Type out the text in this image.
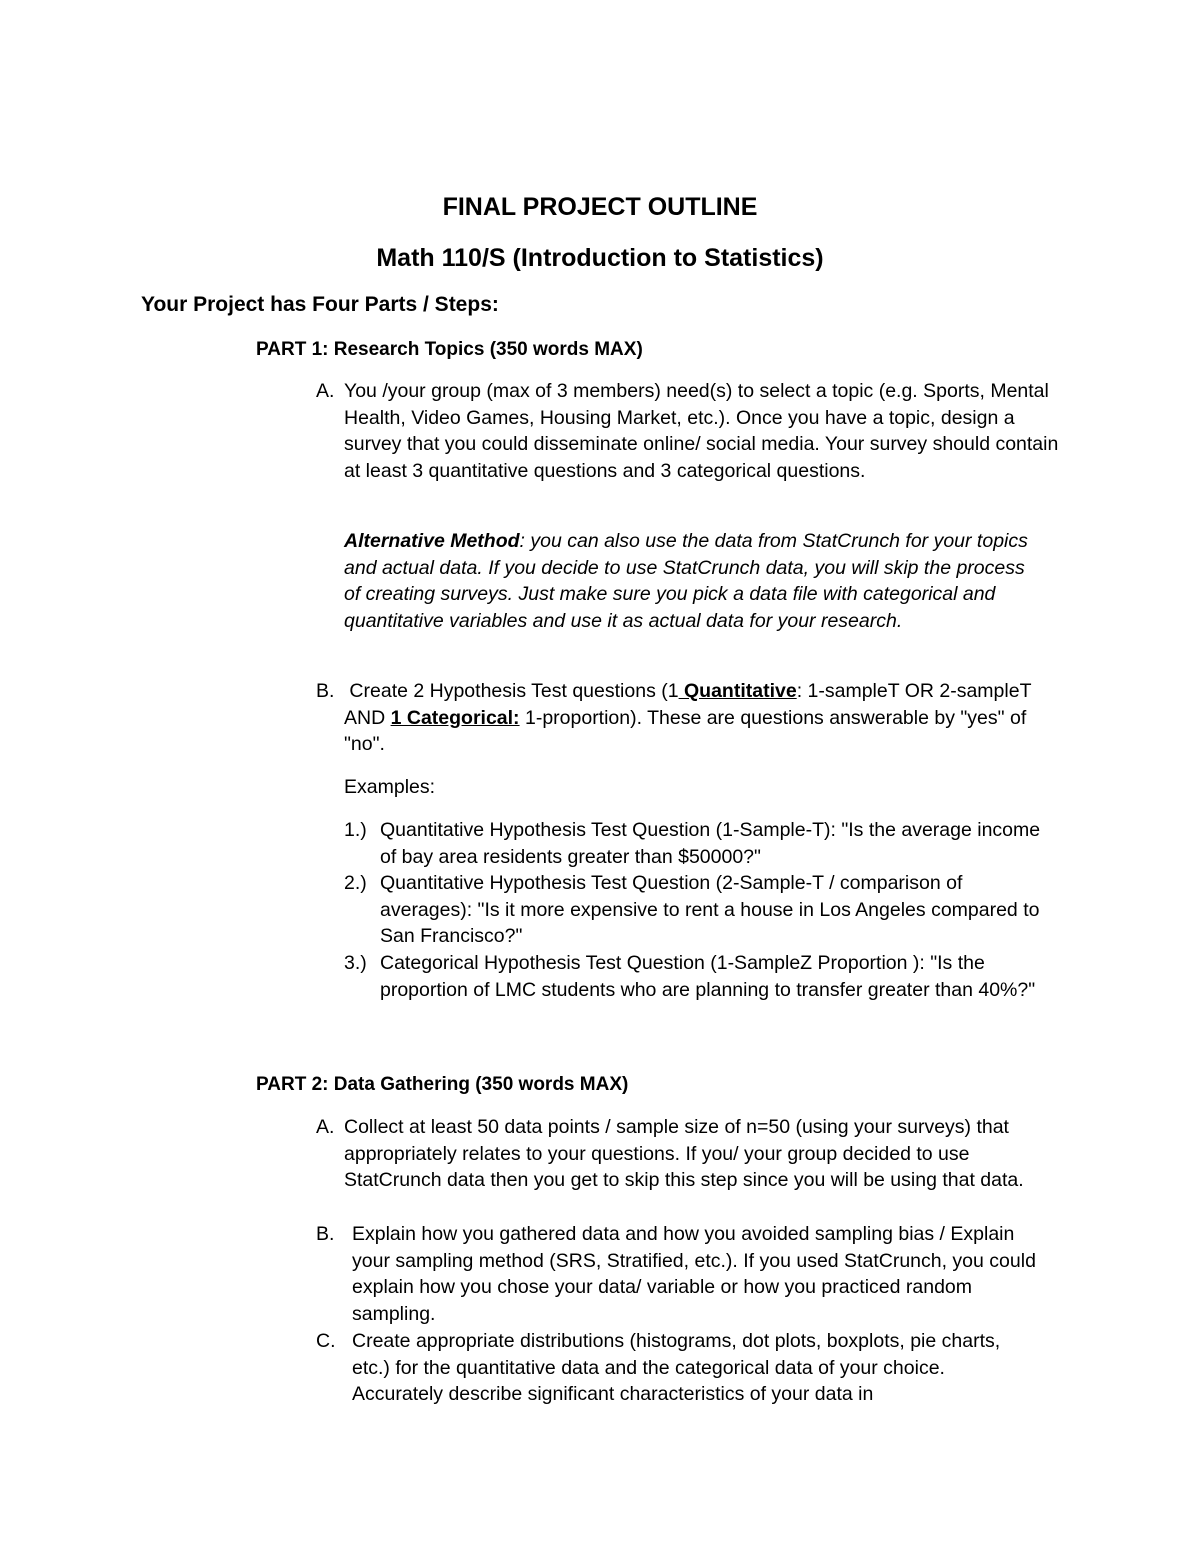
FINAL PROJECT OUTLINE
Math 110/S (Introduction to Statistics)
Your Project has Four Parts / Steps:
PART 1: Research Topics (350 words MAX)
A. You /your group (max of 3 members) need(s) to select a topic (e.g. Sports, Mental Health, Video Games, Housing Market, etc.). Once you have a topic, design a survey that you could disseminate online/ social media. Your survey should contain at least 3 quantitative questions and 3 categorical questions.

Alternative Method: you can also use the data from StatCrunch for your topics and actual data. If you decide to use StatCrunch data, you will skip the process of creating surveys. Just make sure you pick a data file with categorical and quantitative variables and use it as actual data for your research.

B. Create 2 Hypothesis Test questions (1 Quantitative: 1-sampleT OR 2-sampleT AND 1 Categorical: 1-proportion). These are questions answerable by "yes" of "no".

Examples:
1.) Quantitative Hypothesis Test Question (1-Sample-T): "Is the average income of bay area residents greater than $50000?"

2.) Quantitative Hypothesis Test Question (2-Sample-T / comparison of averages): "Is it more expensive to rent a house in Los Angeles compared to San Francisco?"

3.) Categorical Hypothesis Test Question (1-SampleZ Proportion ): "Is the proportion of LMC students who are planning to transfer greater than 40%?"

PART 2: Data Gathering (350 words MAX)
A. Collect at least 50 data points / sample size of n=50 (using your surveys) that appropriately relates to your questions. If you/ your group decided to use StatCrunch data then you get to skip this step since you will be using that data.

B. Explain how you gathered data and how you avoided sampling bias / Explain your sampling method (SRS, Stratified, etc.). If you used StatCrunch, you could explain how you chose your data/ variable or how you practiced random sampling.

C. Create appropriate distributions (histograms, dot plots, boxplots, pie charts, etc.) for the quantitative data and the categorical data of your choice. Accurately describe significant characteristics of your data in
